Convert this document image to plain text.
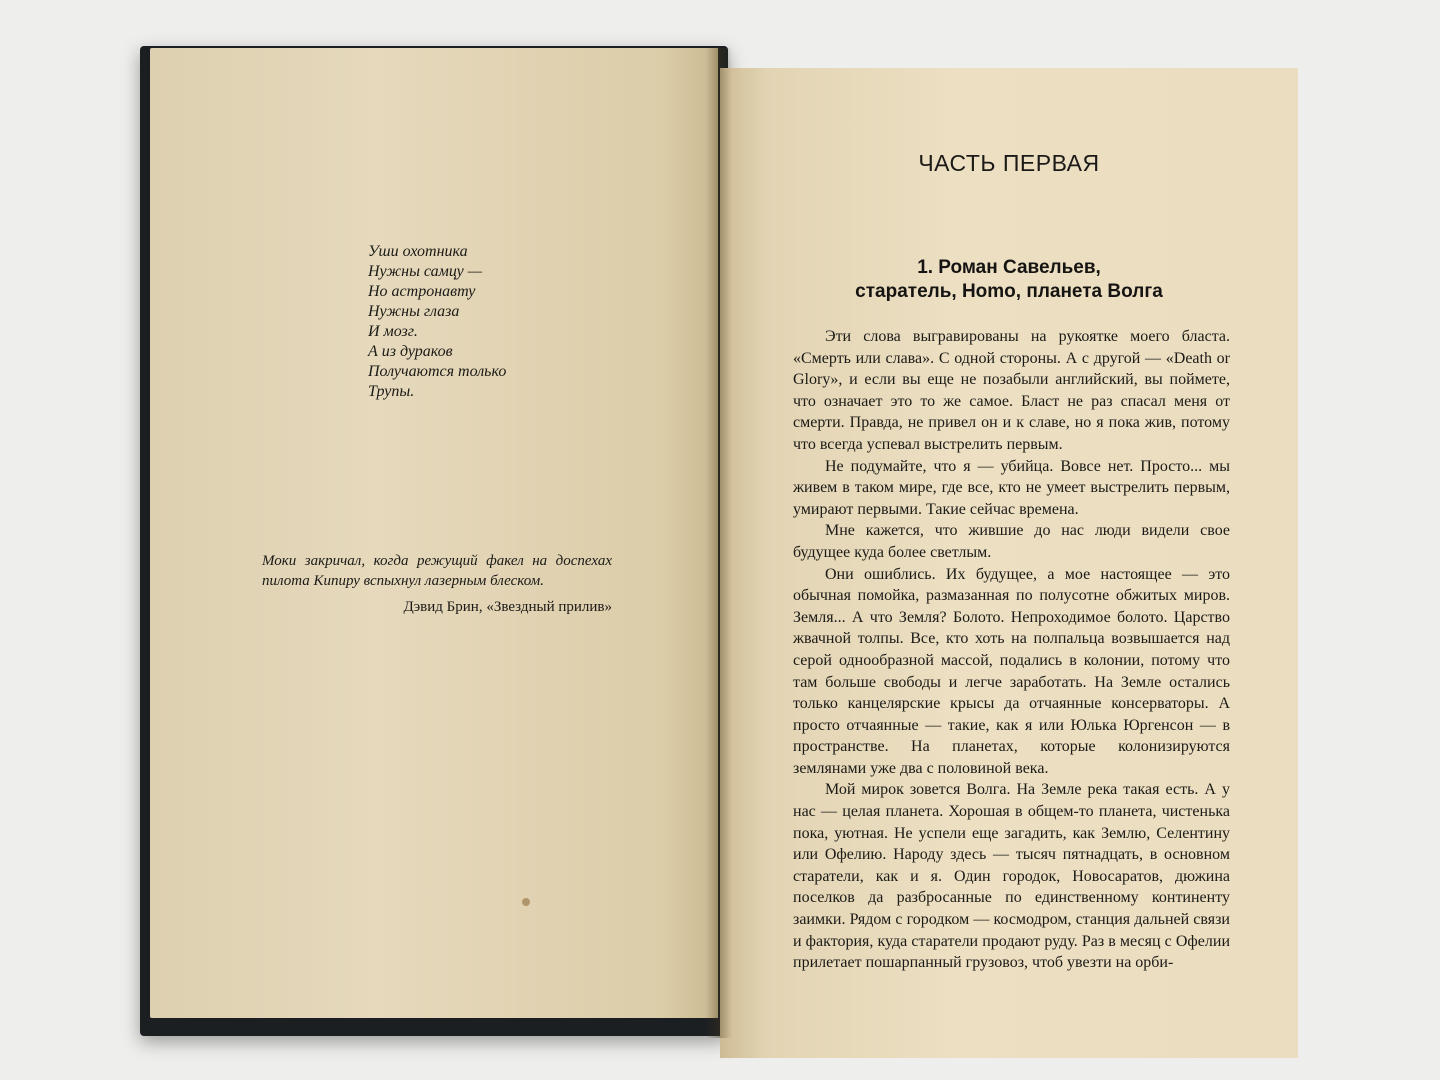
Уши охотника
Нужны самцу —
Но астронавту
Нужны глаза
И мозг.
А из дураков
Получаются только
Трупы.
Моки закричал, когда режущий факел на доспехах пилота Кипиру вспыхнул лазерным блеском.
Дэвид Брин, «Звездный прилив»
ЧАСТЬ ПЕРВАЯ
1. Роман Савельев,
старатель, Homo, планета Волга

Эти слова выгравированы на рукоятке моего бласта. «Смерть или слава». С одной стороны. А с другой — «Death or Glory», и если вы еще не позабыли английский, вы поймете, что означает это то же самое. Бласт не раз спасал меня от смерти. Правда, не привел он и к славе, но я пока жив, потому что всегда успевал выстрелить первым.

Не подумайте, что я — убийца. Вовсе нет. Просто... мы живем в таком мире, где все, кто не умеет выстрелить первым, умирают первыми. Такие сейчас времена.

Мне кажется, что жившие до нас люди видели свое будущее куда более светлым.

Они ошиблись. Их будущее, а мое настоящее — это обычная помойка, размазанная по полусотне обжитых миров. Земля... А что Земля? Болото. Непроходимое болото. Царство жвачной толпы. Все, кто хоть на полпальца возвышается над серой однообразной массой, подались в колонии, потому что там больше свободы и легче заработать. На Земле остались только канцелярские крысы да отчаянные консерваторы. А просто отчаянные — такие, как я или Юлька Юргенсон — в пространстве. На планетах, которые колонизируются землянами уже два с половиной века.

Мой мирок зовется Волга. На Земле река такая есть. А у нас — целая планета. Хорошая в общем-то планета, чистенька пока, уютная. Не успели еще загадить, как Землю, Селентину или Офелию. Народу здесь — тысяч пятнадцать, в основном старатели, как и я. Один городок, Новосаратов, дюжина поселков да разбросанные по единственному континенту заимки. Рядом с городком — космодром, станция дальней связи и фактория, куда старатели продают руду. Раз в месяц с Офелии прилетает пошарпанный грузовоз, чтоб увезти на орби-
